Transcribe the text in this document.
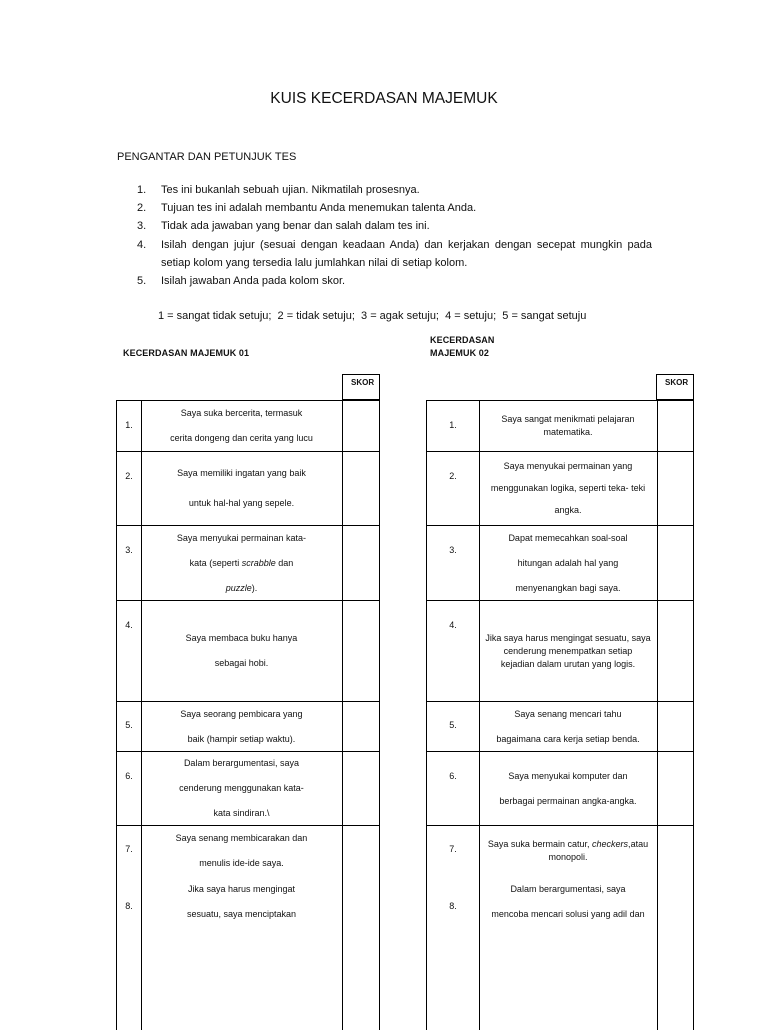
KUIS KECERDASAN MAJEMUK
PENGANTAR DAN PETUNJUK TES
1. Tes ini bukanlah sebuah ujian. Nikmatilah prosesnya.
2. Tujuan tes ini adalah membantu Anda menemukan talenta Anda.
3. Tidak ada jawaban yang benar dan salah dalam tes ini.
4. Isilah dengan jujur (sesuai dengan keadaan Anda) dan kerjakan dengan secepat mungkin pada setiap kolom yang tersedia lalu jumlahkan nilai di setiap kolom.
5. Isilah jawaban Anda pada kolom skor.
1 = sangat tidak setuju;  2 = tidak setuju;  3 = agak setuju;  4 = setuju;  5 = sangat setuju
KECERDASAN MAJEMUK 01
KECERDASAN MAJEMUK 02
SKOR	SKOR
1.
Saya suka bercerita, termasuk
cerita dongeng dan cerita yang lucu
2.	Saya memiliki ingatan yang baik
untuk hal-hal yang sepele.
3.
Saya menyukai permainan kata-
kata (seperti scrabble dan
puzzle).
4.
Saya membaca buku hanya
sebagai hobi.
5.
Saya seorang pembicara yang
baik (hampir setiap waktu).
6.
Dalam berargumentasi, saya
cenderung menggunakan kata-
kata sindiran.\
7.
Saya senang membicarakan dan
menulis ide-ide saya.
8.
Jika saya harus mengingat
sesuatu, saya menciptakan
1.
Saya sangat menikmati pelajaran
matematika.
2.
Saya menyukai permainan yang
menggunakan logika, seperti teka- teki
angka.
3.
Dapat memecahkan soal-soal
hitungan adalah hal yang
menyenangkan bagi saya.
4.
Jika saya harus mengingat sesuatu, saya
cenderung menempatkan setiap
kejadian dalam urutan yang logis.
5.
Saya senang mencari tahu
bagaimana cara kerja setiap benda.
6.	Saya menyukai komputer dan
berbagai permainan angka-angka.
7.
Saya suka bermain catur, checkers,atau
monopoli.
8.
Dalam berargumentasi, saya
mencoba mencari solusi yang adil dan
